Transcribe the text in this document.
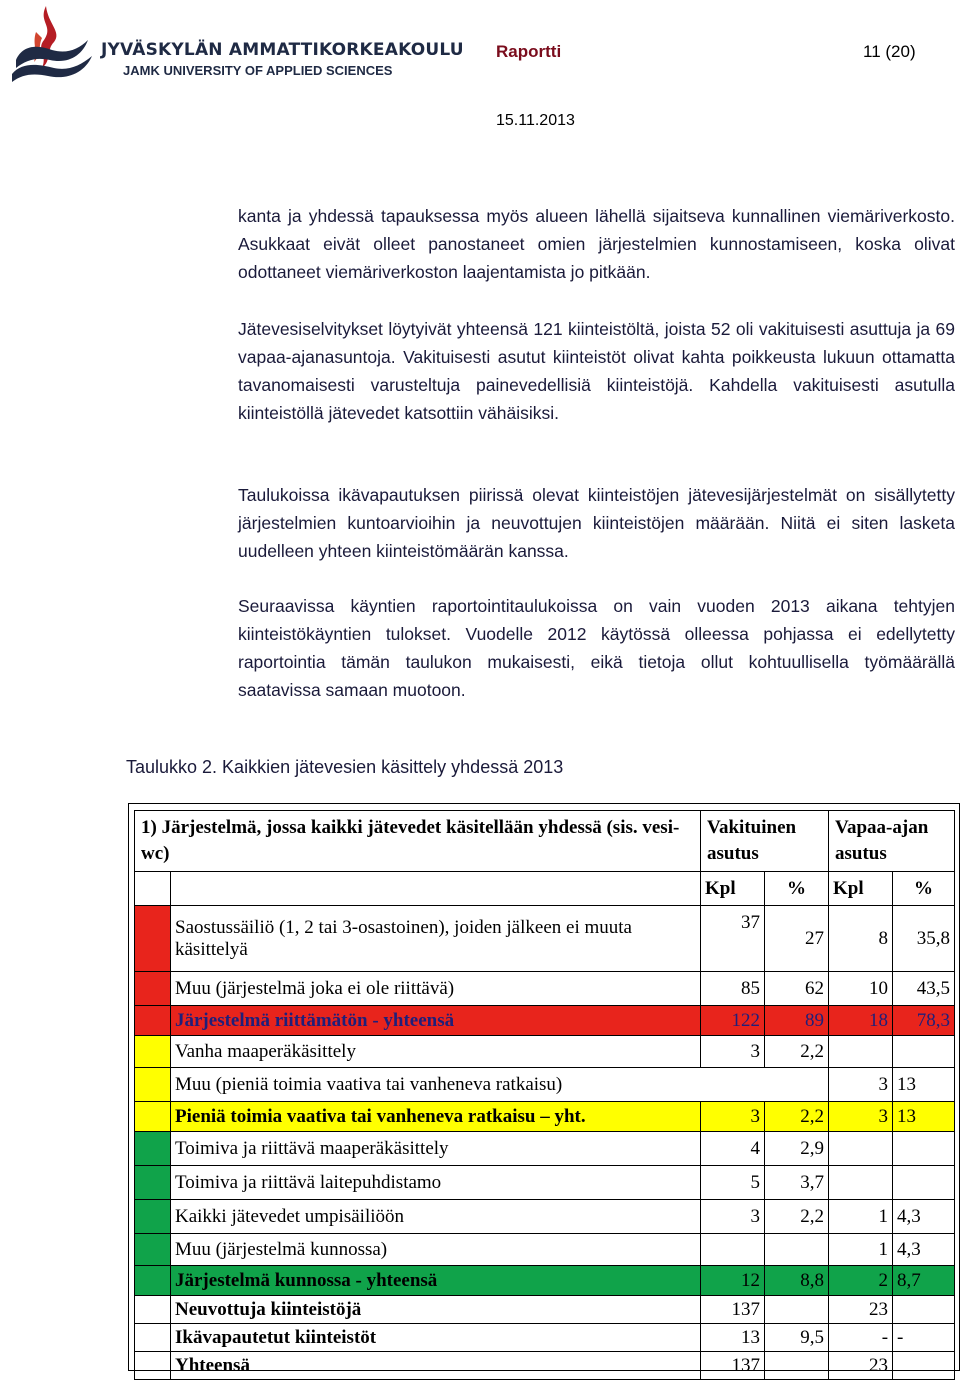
JYVÄSKYLÄN AMMATTIKORKEAKOULU
JAMK UNIVERSITY OF APPLIED SCIENCES
Raportti	11 (20)
15.11.2013

kanta ja yhdessä tapauksessa myös alueen lähellä sijaitseva kunnallinen viemäriverkosto. Asukkaat eivät olleet panostaneet omien järjestelmien kunnostamiseen, koska olivat odottaneet viemäriverkoston laajentamista jo pitkään.

Jätevesiselvitykset löytyivät yhteensä 121 kiinteistöltä, joista 52 oli vakituisesti asuttuja ja 69 vapaa-ajanasuntoja. Vakituisesti asutut kiinteistöt olivat kahta poikkeusta lukuun ottamatta tavanomaisesti varusteltuja painevedellisiä kiinteistöjä. Kahdella vakituisesti asutulla kiinteistöllä jätevedet katsottiin vähäisiksi.

Taulukoissa ikävapautuksen piirissä olevat kiinteistöjen jätevesijärjestelmät on sisällytetty järjestelmien kuntoarvioihin ja neuvottujen kiinteistöjen määrään. Niitä ei siten lasketa uudelleen yhteen kiinteistömäärän kanssa.

Seuraavissa käyntien raportointitaulukoissa on vain vuoden 2013 aikana tehtyjen kiinteistökäyntien tulokset. Vuodelle 2012 käytössä olleessa pohjassa ei edellytetty raportointia tämän taulukon mukaisesti, eikä tietoja ollut kohtuullisella työmäärällä saatavissa samaan muotoon.

Taulukko 2. Kaikkien jätevesien käsittely yhdessä 2013
1) Järjestelmä, jossa kaikki jätevedet käsitellään yhdessä (sis. vesi-wc)		Vakituinen asutus		Vapaa-ajan asutus	
		Kpl	%	Kpl	%
	Saostussäiliö (1, 2 tai 3-osastoinen), joiden jälkeen ei muuta käsittelyä	37	27	8	35,8
	Muu (järjestelmä joka ei ole riittävä)	85	62	10	43,5
	Järjestelmä riittämätön - yhteensä	122	89	18	78,3
	Vanha maaperäkäsittely	3	2,2		
	Muu (pieniä toimia vaativa tai vanheneva ratkaisu)			3	13
	Pieniä toimia vaativa tai vanheneva ratkaisu – yht.	3	2,2	3	13
	Toimiva ja riittävä maaperäkäsittely	4	2,9		
	Toimiva ja riittävä laitepuhdistamo	5	3,7		
	Kaikki jätevedet umpisäiliöön	3	2,2	1	4,3
	Muu (järjestelmä kunnossa)			1	4,3
	Järjestelmä kunnossa - yhteensä	12	8,8	2	8,7
	Neuvottuja kiinteistöjä	137		23	
	Ikävapautetut kiinteistöt	13	9,5	-	-
	Yhteensä	137		23	
